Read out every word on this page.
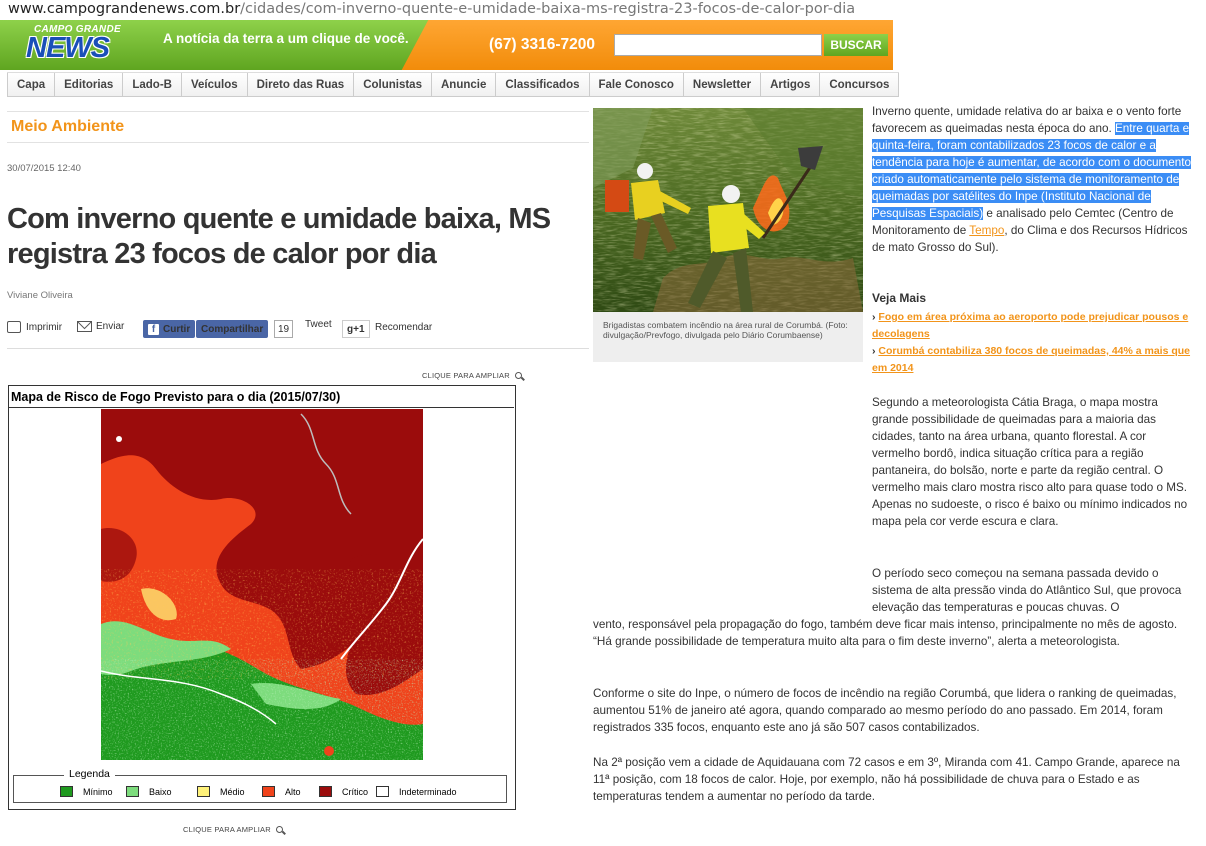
www.campograndenews.com.br/cidades/com-inverno-quente-e-umidade-baixa-ms-registra-23-focos-de-calor-por-dia
CAMPO GRANDE
NEWS	A notícia da terra a um clique de você.	(67) 3316-7200	BUSCAR
Capa	Editorias	Lado-B	Veículos	Direto das Ruas	Colunistas	Anuncie	Classificados	Fale Conosco	Newsletter	Artigos	Concursos
Meio Ambiente
30/07/2015 12:40
Com inverno quente e umidade baixa, MS registra 23 focos de calor por dia
Viviane Oliveira
Imprimir	Enviar	f Curtir	Compartilhar	19	Tweet	g+1	Recomendar
CLIQUE PARA AMPLIAR
Mapa de Risco de Fogo Previsto para o dia (2015/07/30)
Legenda
Mínimo	Baixo	Médio	Alto	Crítico	Indeterminado
CLIQUE PARA AMPLIAR
Brigadistas combatem incêndio na área rural de Corumbá. (Foto: divulgação/Prevfogo, divulgada pelo Diário Corumbaense)
Inverno quente, umidade relativa do ar baixa e o vento forte favorecem as queimadas nesta época do ano. Entre quarta e quinta-feira, foram contabilizados 23 focos de calor e a tendência para hoje é aumentar, de acordo com o documento criado automaticamente pelo sistema de monitoramento de queimadas por satélites do Inpe (Instituto Nacional de Pesquisas Espaciais) e analisado pelo Cemtec (Centro de Monitoramento de Tempo, do Clima e dos Recursos Hídricos de mato Grosso do Sul).
Veja Mais
› Fogo em área próxima ao aeroporto pode prejudicar pousos e decolagens
› Corumbá contabiliza 380 focos de queimadas, 44% a mais que em 2014
Segundo a meteorologista Cátia Braga, o mapa mostra grande possibilidade de queimadas para a maioria das cidades, tanto na área urbana, quanto florestal. A cor vermelho bordô, indica situação crítica para a região pantaneira, do bolsão, norte e parte da região central. O vermelho mais claro mostra risco alto para quase todo o MS. Apenas no sudoeste, o risco é baixo ou mínimo indicados no mapa pela cor verde escura e clara.
O período seco começou na semana passada devido o sistema de alta pressão vinda do Atlântico Sul, que provoca elevação das temperaturas e poucas chuvas. O
vento, responsável pela propagação do fogo, também deve ficar mais intenso, principalmente no mês de agosto. “Há grande possibilidade de temperatura muito alta para o fim deste inverno”, alerta a meteorologista.
Conforme o site do Inpe, o número de focos de incêndio na região Corumbá, que lidera o ranking de queimadas, aumentou 51% de janeiro até agora, quando comparado ao mesmo período do ano passado. Em 2014, foram registrados 335 focos, enquanto este ano já são 507 casos contabilizados.
Na 2ª posição vem a cidade de Aquidauana com 72 casos e em 3º, Miranda com 41. Campo Grande, aparece na 11ª posição, com 18 focos de calor. Hoje, por exemplo, não há possibilidade de chuva para o Estado e as temperaturas tendem a aumentar no período da tarde.
